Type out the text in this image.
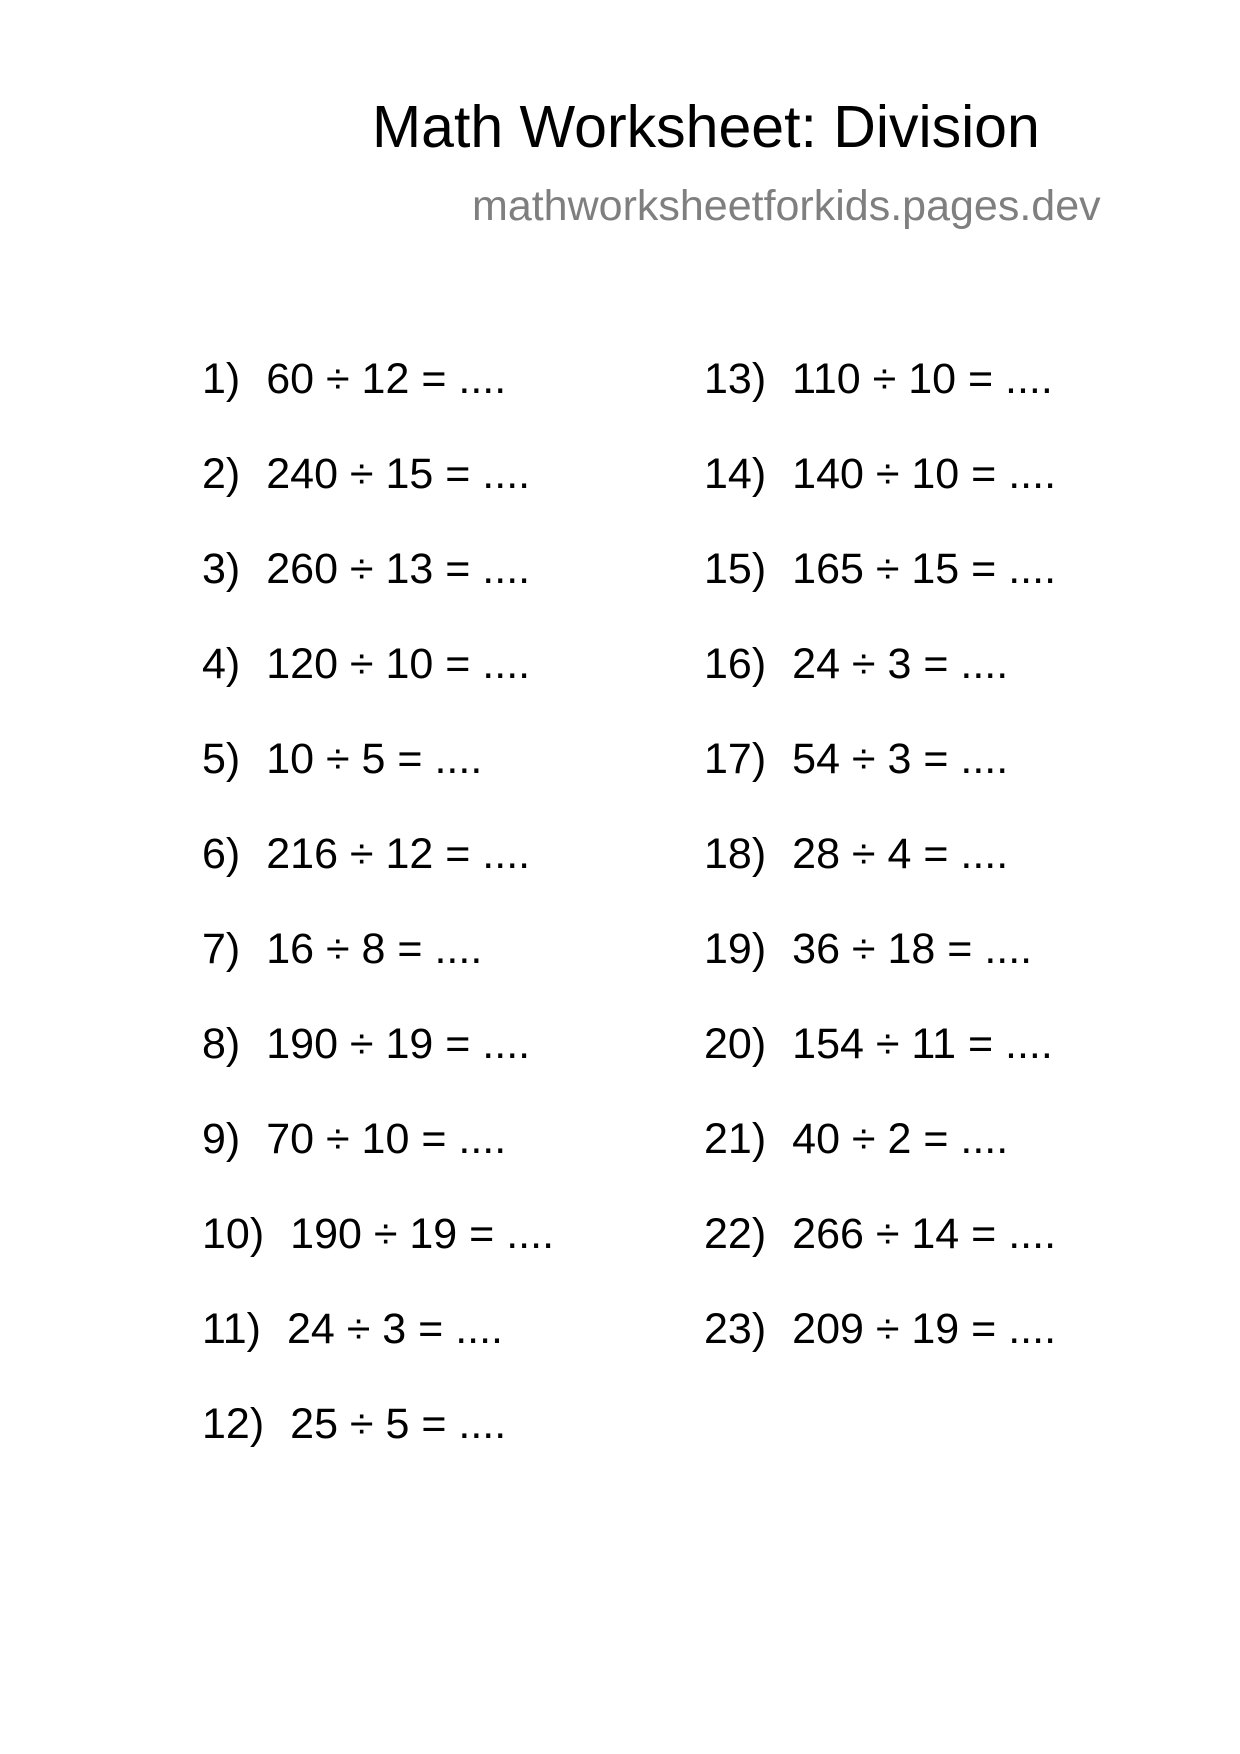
Math Worksheet: Division
mathworksheetforkids.pages.dev
1) 60 ÷ 12 = ....
2) 240 ÷ 15 = ....
3) 260 ÷ 13 = ....
4) 120 ÷ 10 = ....
5) 10 ÷ 5 = ....
6) 216 ÷ 12 = ....
7) 16 ÷ 8 = ....
8) 190 ÷ 19 = ....
9) 70 ÷ 10 = ....
10) 190 ÷ 19 = ....
11) 24 ÷ 3 = ....
12) 25 ÷ 5 = ....
13) 110 ÷ 10 = ....
14) 140 ÷ 10 = ....
15) 165 ÷ 15 = ....
16) 24 ÷ 3 = ....
17) 54 ÷ 3 = ....
18) 28 ÷ 4 = ....
19) 36 ÷ 18 = ....
20) 154 ÷ 11 = ....
21) 40 ÷ 2 = ....
22) 266 ÷ 14 = ....
23) 209 ÷ 19 = ....
